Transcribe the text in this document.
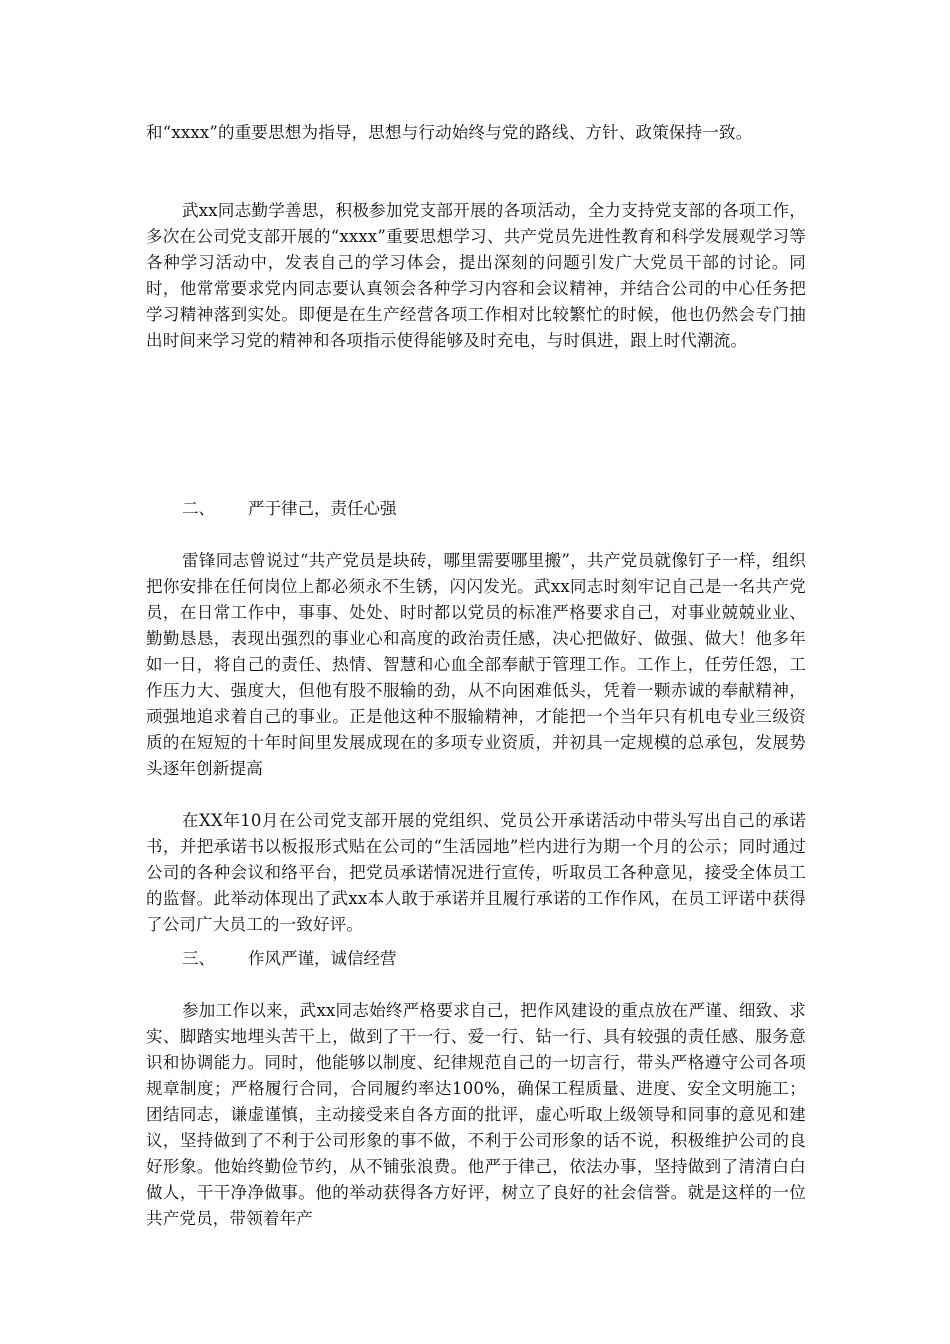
和“xxxx”的重要思想为指导，思想与行动始终与党的路线、方针、政策保持一致。

武xx同志勤学善思，积极参加党支部开展的各项活动，全力支持党支部的各项工作，多次在公司党支部开展的“xxxx”重要思想学习、共产党员先进性教育和科学发展观学习等各种学习活动中，发表自己的学习体会，提出深刻的问题引发广大党员干部的讨论。同时，他常常要求党内同志要认真领会各种学习内容和会议精神，并结合公司的中心任务把学习精神落到实处。即便是在生产经营各项工作相对比较繁忙的时候，他也仍然会专门抽出时间来学习党的精神和各项指示使得能够及时充电，与时俱进，跟上时代潮流。

二、 严于律己，责任心强

雷锋同志曾说过“共产党员是块砖，哪里需要哪里搬”，共产党员就像钉子一样，组织把你安排在任何岗位上都必须永不生锈，闪闪发光。武xx同志时刻牢记自己是一名共产党员，在日常工作中，事事、处处、时时都以党员的标准严格要求自己，对事业兢兢业业、勤勤恳恳，表现出强烈的事业心和高度的政治责任感，决心把做好、做强、做大！他多年如一日，将自己的责任、热情、智慧和心血全部奉献于管理工作。工作上，任劳任怨，工作压力大、强度大，但他有股不服输的劲，从不向困难低头，凭着一颗赤诚的奉献精神，顽强地追求着自己的事业。正是他这种不服输精神，才能把一个当年只有机电专业三级资质的在短短的十年时间里发展成现在的多项专业资质，并初具一定规模的总承包，发展势头逐年创新提高

在XX年10月在公司党支部开展的党组织、党员公开承诺活动中带头写出自己的承诺书，并把承诺书以板报形式贴在公司的“生活园地”栏内进行为期一个月的公示；同时通过公司的各种会议和络平台，把党员承诺情况进行宣传，听取员工各种意见，接受全体员工的监督。此举动体现出了武xx本人敢于承诺并且履行承诺的工作作风，在员工评诺中获得了公司广大员工的一致好评。

三、 作风严谨，诚信经营

参加工作以来，武xx同志始终严格要求自己，把作风建设的重点放在严谨、细致、求实、脚踏实地埋头苦干上，做到了干一行、爱一行、钻一行、具有较强的责任感、服务意识和协调能力。同时，他能够以制度、纪律规范自己的一切言行，带头严格遵守公司各项规章制度；严格履行合同，合同履约率达100%，确保工程质量、进度、安全文明施工；团结同志，谦虚谨慎，主动接受来自各方面的批评，虚心听取上级领导和同事的意见和建议，坚持做到了不利于公司形象的事不做，不利于公司形象的话不说，积极维护公司的良好形象。他始终勤俭节约，从不铺张浪费。他严于律己，依法办事，坚持做到了清清白白做人，干干净净做事。他的举动获得各方好评，树立了良好的社会信誉。就是这样的一位共产党员，带领着年产
